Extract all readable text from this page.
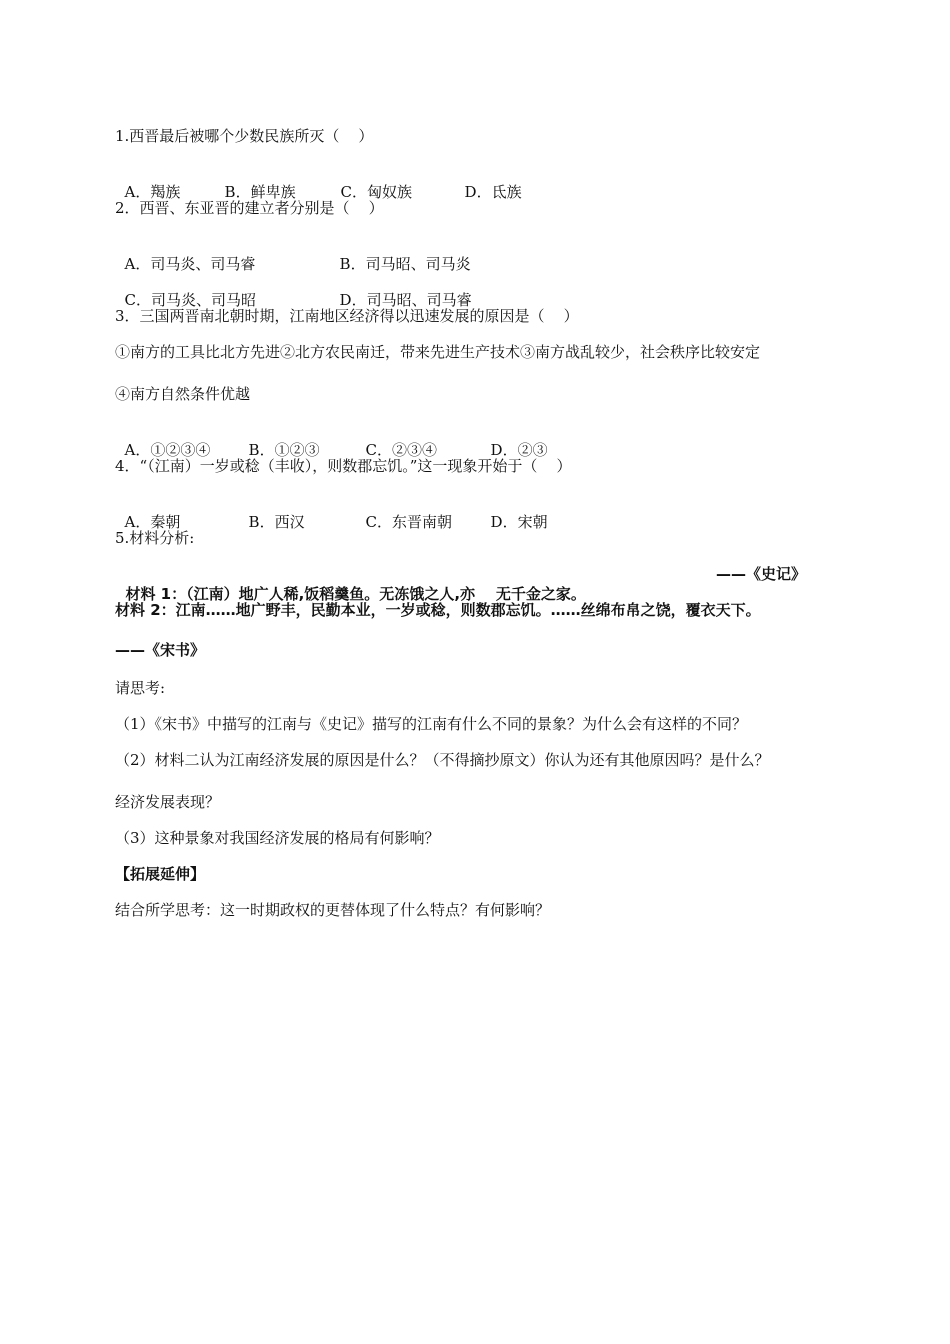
1.西晋最后被哪个少数民族所灭（    ）

A．羯族	B．鲜卑族	C．匈奴族	D．氐族

2．西晋、东亚晋的建立者分别是（    ）

A．司马炎、司马睿	B．司马昭、司马炎

C．司马炎、司马昭	D．司马昭、司马睿

3．三国两晋南北朝时期，江南地区经济得以迅速发展的原因是（    ）
①南方的工具比北方先进②北方农民南迁，带来先进生产技术③南方战乱较少，社会秩序比较安定
④南方自然条件优越

A．①②③④	B．①②③	C．②③④	D．②③

4．“（江南）一岁或稔（丰收），则数郡忘饥。”这一现象开始于（    ）

A．秦朝	B．西汉	C．东晋南朝	D．宋朝

5.材料分析:

材料 1：（江南）地广人稀,饭稻羹鱼。无冻饿之人,亦    无千金之家。

——《史记》
材料 2：江南……地广野丰，民勤本业，一岁或稔，则数郡忘饥。……丝绵布帛之饶，覆衣天下。
——《宋书》
请思考:
（1）《宋书》中描写的江南与《史记》描写的江南有什么不同的景象？为什么会有这样的不同？
（2）材料二认为江南经济发展的原因是什么？（不得摘抄原文）你认为还有其他原因吗？是什么？
经济发展表现？
（3）这种景象对我国经济发展的格局有何影响？
【拓展延伸】
结合所学思考：这一时期政权的更替体现了什么特点？有何影响？
